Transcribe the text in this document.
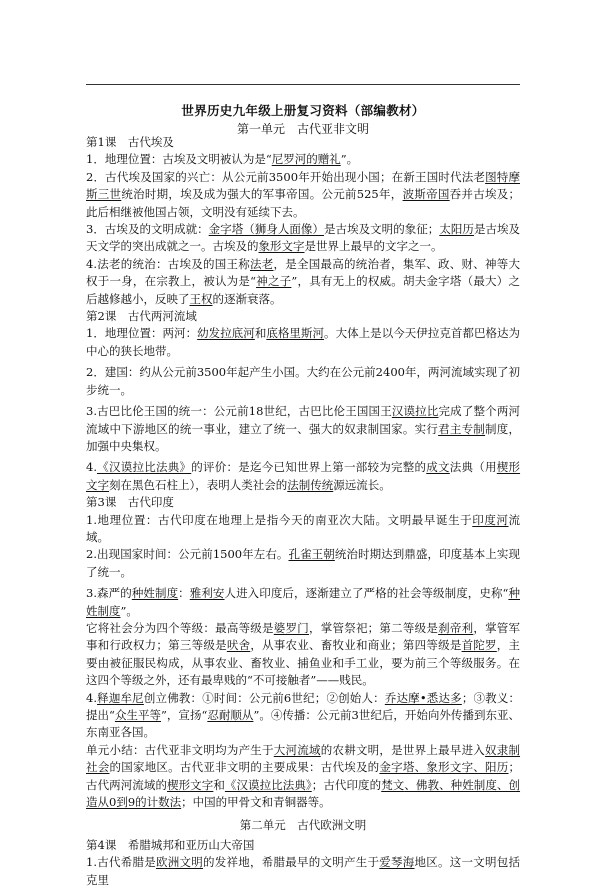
世界历史九年级上册复习资料（部编教材）
第一单元　古代亚非文明

第1课　古代埃及

1．地理位置：古埃及文明被认为是“尼罗河的赠礼”。

2．古代埃及国家的兴亡：从公元前3500年开始出现小国；在新王国时代法老图特摩斯三世统治时期，埃及成为强大的军事帝国。公元前525年，波斯帝国吞并古埃及；此后相继被他国占领，文明没有延续下去。

3．古埃及的文明成就：金字塔（狮身人面像）是古埃及文明的象征；太阳历是古埃及天文学的突出成就之一。古埃及的象形文字是世界上最早的文字之一。

4.法老的统治：古埃及的国王称法老，是全国最高的统治者，集军、政、财、神等大权于一身，在宗教上，被认为是“神之子”，具有无上的权威。胡夫金字塔（最大）之后越修越小，反映了王权的逐渐衰落。

第2课　古代两河流域

1．地理位置：两河：幼发拉底河和底格里斯河。大体上是以今天伊拉克首都巴格达为中心的狭长地带。

2．建国：约从公元前3500年起产生小国。大约在公元前2400年，两河流域实现了初步统一。

3.古巴比伦王国的统一：公元前18世纪，古巴比伦王国国王汉谟拉比完成了整个两河流域中下游地区的统一事业，建立了统一、强大的奴隶制国家。实行君主专制制度，加强中央集权。

4.《汉谟拉比法典》的评价：是迄今已知世界上第一部较为完整的成文法典（用楔形文字刻在黑色石柱上），表明人类社会的法制传统源远流长。

第3课　古代印度

1.地理位置：古代印度在地理上是指今天的南亚次大陆。文明最早诞生于印度河流域。

2.出现国家时间：公元前1500年左右。孔雀王朝统治时期达到鼎盛，印度基本上实现了统一。

3.森严的种姓制度：雅利安人进入印度后，逐渐建立了严格的社会等级制度，史称“种姓制度”。

它将社会分为四个等级：最高等级是婆罗门，掌管祭祀；第二等级是刹帝利，掌管军事和行政权力；第三等级是吠舍，从事农业、畜牧业和商业；第四等级是首陀罗，主要由被征服民构成，从事农业、畜牧业、捕鱼业和手工业，要为前三个等级服务。在这四个等级之外，还有最卑贱的“不可接触者”——贱民。

4.释迦牟尼创立佛教：①时间：公元前6世纪；②创始人：乔达摩•悉达多；③教义：提出“众生平等”，宣扬“忍耐顺从”。④传播：公元前3世纪后，开始向外传播到东亚、东南亚各国。

单元小结：古代亚非文明均为产生于大河流域的农耕文明，是世界上最早进入奴隶制社会的国家地区。古代亚非文明的主要成果：古代埃及的金字塔、象形文字、阳历；古代两河流域的楔形文字和《汉谟拉比法典》；古代印度的梵文、佛教、种姓制度、创造从0到9的计数法；中国的甲骨文和青铜器等。

第二单元　古代欧洲文明

第4课　希腊城邦和亚历山大帝国

1.古代希腊是欧洲文明的发祥地，希腊最早的文明产生于爱琴海地区。这一文明包括克里
